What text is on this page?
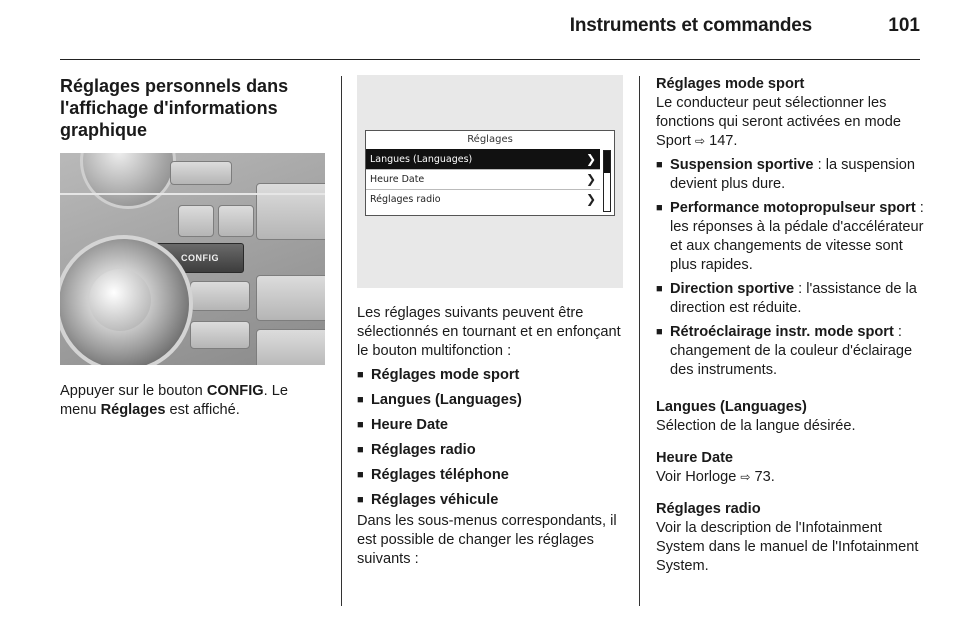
Instruments et commandes	101
Réglages personnels dans l'affichage d'informations graphique
CONFIG

Appuyer sur le bouton CONFIG. Le menu Réglages est affiché.

Réglages
Langues (Languages)	❯
Heure Date	❯
Réglages radio	❯

Les réglages suivants peuvent être sélectionnés en tournant et en enfonçant le bouton multifonction :

■ Réglages mode sport
■ Langues (Languages)
■ Heure Date
■ Réglages radio
■ Réglages téléphone
■ Réglages véhicule

Dans les sous-menus correspondants, il est possible de changer les réglages suivants :

Réglages mode sport

Le conducteur peut sélectionner les fonctions qui seront activées en mode Sport ⇨ 147.

■ Suspension sportive : la suspension devient plus dure.
■ Performance motopropulseur sport : les réponses à la pédale d'accélérateur et aux changements de vitesse sont plus rapides.
■ Direction sportive : l'assistance de la direction est réduite.
■ Rétroéclairage instr. mode sport : changement de la couleur d'éclairage des instruments.
Langues (Languages)

Sélection de la langue désirée.

Heure Date

Voir Horloge ⇨ 73.

Réglages radio

Voir la description de l'Infotainment System dans le manuel de l'Infotainment System.
